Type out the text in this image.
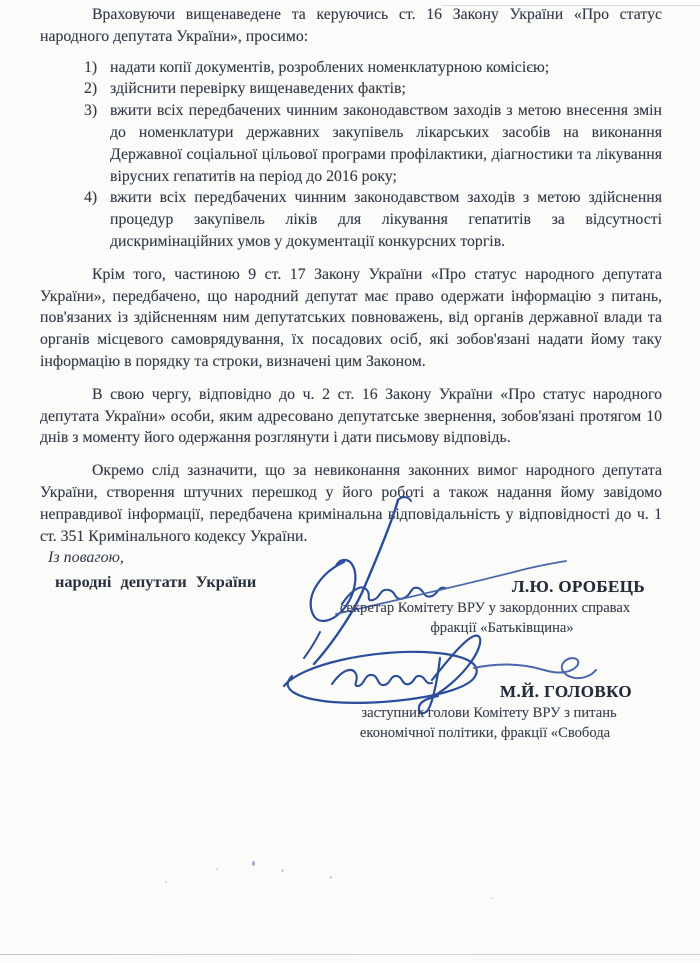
Враховуючи вищенаведене та керуючись ст. 16 Закону України «Про статус народного депутата України», просимо:

1) надати копії документів, розроблених номенклатурною комісією;
2) здійснити перевірку вищенаведених фактів;
3) вжити всіх передбачених чинним законодавством заходів з метою внесення змін до номенклатури державних закупівель лікарських засобів на виконання Державної соціальної цільової програми профілактики, діагностики та лікування вірусних гепатитів на період до 2016 року;
4) вжити всіх передбачених чинним законодавством заходів з метою здійснення процедур закупівель ліків для лікування гепатитів за відсутності дискримінаційних умов у документації конкурсних торгів.

Крім того, частиною 9 ст. 17 Закону України «Про статус народного депутата України», передбачено, що народний депутат має право одержати інформацію з питань, пов'язаних із здійсненням ним депутатських повноважень, від органів державної влади та органів місцевого самоврядування, їх посадових осіб, які зобов'язані надати йому таку інформацію в порядку та строки, визначені цим Законом.

В свою чергу, відповідно до ч. 2 ст. 16 Закону України «Про статус народного депутата України» особи, яким адресовано депутатське звернення, зобов'язані протягом 10 днів з моменту його одержання розглянути і дати письмову відповідь.

Окремо слід зазначити, що за невиконання законних вимог народного депутата України, створення штучних перешкод у його роботі а також надання йому завідомо неправдивої інформації, передбачена кримінальна відповідальність у відповідності до ч. 1 ст. 351 Кримінального кодексу України.

Із повагою,
народні депутати України	Л.Ю. ОРОБЕЦЬ
секретар Комітету ВРУ у закордонних справах
фракції «Батьківщина»
М.Й. ГОЛОВКО
заступник голови Комітету ВРУ з питань
економічної політики, фракції «Свобода
